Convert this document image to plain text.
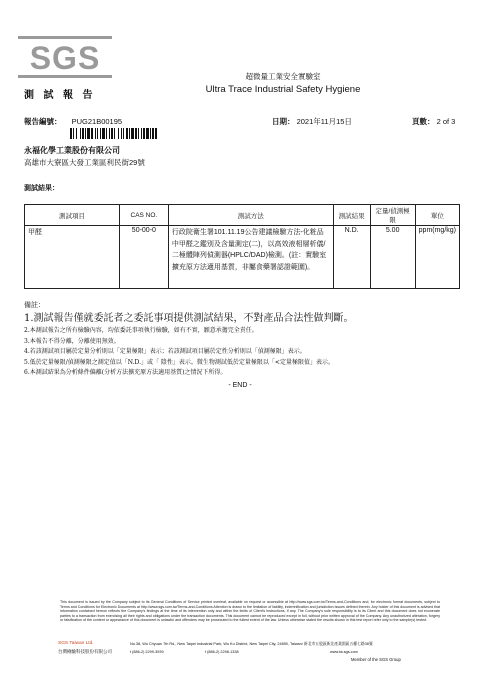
SGS
測 試 報 告
超微量工業安全實驗室
Ultra Trace Industrial Safety Hygiene
報告編號： PUG21B00195	日期： 2021年11月15日	頁數： 2 of 3
永福化學工業股份有限公司
高雄市大寮區大發工業區利民街29號
測試結果：
測試項目	CAS NO.	測試方法	測試結果	定量/偵測極限	單位
甲醛	50-00-0	行政院衛生署101.11.19公告建議檢驗方法-化粧品中甲醛之鑑別及含量測定(二)，以高效液相層析儀/二極體陣列偵測器(HPLC/DAD)檢測。(註：實驗室擴充原方法適用基質，非屬食藥署認證範圍)。	N.D.	5.00	ppm(mg/kg)
備註：
1.測試報告僅就委託者之委託事項提供測試結果，不對產品合法性做判斷。
2.本測試報告之所有檢驗內容，均依委託事項執行檢驗，如有不實，願意承擔完全責任。
3.本報告不得分離，分離使用無效。
4.若該測試項目屬於定量分析則以「定量極限」表示；若該測試項目屬於定性分析則以「偵測極限」表示。
5.低於定量極限/偵測極限之測定值以「N.D.」或「 陰性」表示。微生物測試低於定量極限以「<定量極限值」表示。
6.本測試結果為分析條件偏離(分析方法擴充原方法適用基質)之情況下所得。
- END -
This document is issued by the Company subject to its General Conditions of Service printed overleaf, available on request or accessible at http://www.sgs.com.tw/Terms-and-Conditions and, for electronic format documents, subject to Terms and Conditions for Electronic Documents at http://www.sgs.com.tw/Terms-and-Conditions Attention is drawn to the limitation of liability, indemnification and jurisdiction issues defined therein. Any holder of this document is advised that information contained hereon reflects the Company's findings at the time of its intervention only and within the limits of Client's instructions, if any. The Company's sole responsibility is to its Client and this document does not exonerate parties to a transaction from exercising all their rights and obligations under the transaction documents. This document cannot be reproduced except in full, without prior written approval of the Company. Any unauthorized alteration, forgery or falsification of the content or appearance of this document is unlawful and offenders may be prosecuted to the fullest extent of the law. Unless otherwise stated the results shown in this test report refer only to the sample(s) tested.
SGS Taiwan Ltd.
台灣檢驗科技股份有限公司
No.38, Wu Chyuan 7th Rd., New Taipei Industrial Park, Wu Ku District, New Taipei City, 24890, Taiwan/ 新北市五股區新北產業園區五權七路38號
t (886-2) 2299-3939	f (886-2) 2298-1338	www.tw.sgs.com
Member of the SGS Group
